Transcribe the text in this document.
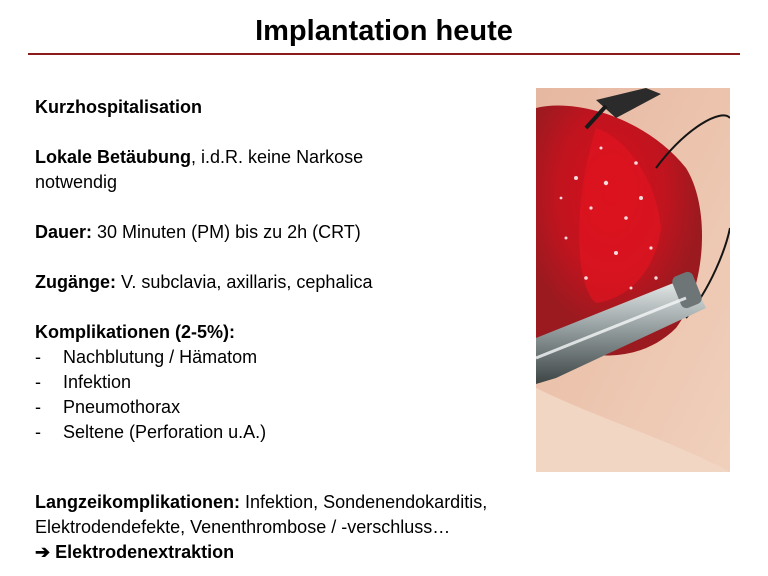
Implantation heute

Kurzhospitalisation

Lokale Betäubung, i.d.R. keine Narkose
notwendig

Dauer: 30 Minuten (PM) bis zu 2h (CRT)

Zugänge: V. subclavia, axillaris, cephalica

Komplikationen (2-5%):
- Nachblutung / Hämatom
- Infektion
- Pneumothorax
- Seltene (Perforation u.A.)
Langzeikomplikationen: Infektion, Sondenendokarditis,
Elektrodendefekte, Venenthrombose / -verschluss…
➔ Elektrodenextraktion
